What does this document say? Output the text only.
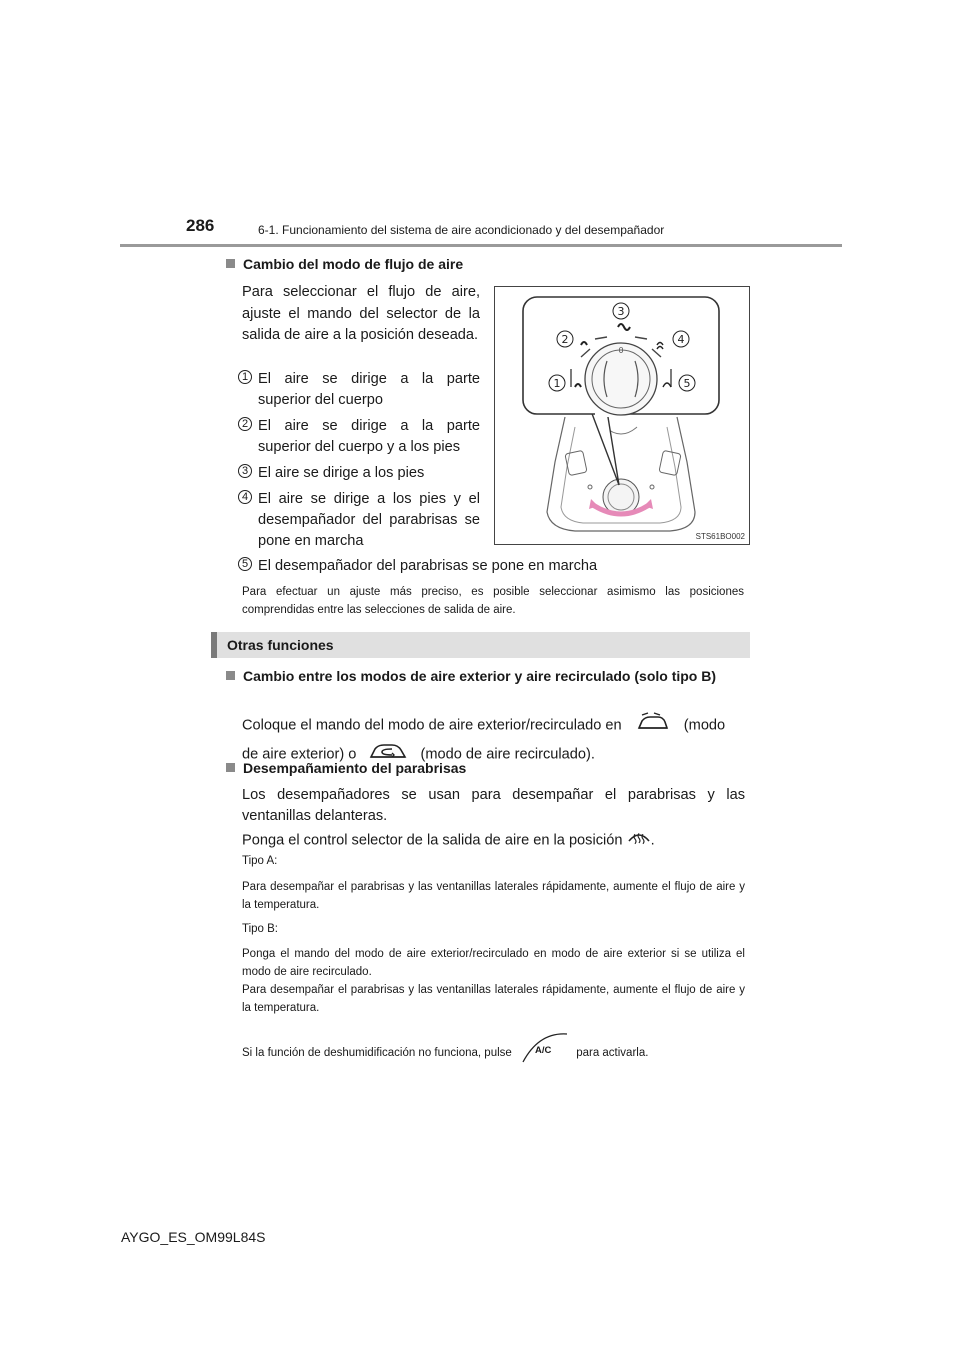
286	6-1. Funcionamiento del sistema de aire acondicionado y del desempañador
Cambio del modo de flujo de aire
Para seleccionar el flujo de aire, ajuste el mando del selector de la salida de aire a la posición deseada.
1 El aire se dirige a la parte superior del cuerpo
2 El aire se dirige a la parte superior del cuerpo y a los pies
3 El aire se dirige a los pies
4 El aire se dirige a los pies y el desempañador del parabrisas se pone en marcha
5 El desempañador del parabrisas se pone en marcha
Para efectuar un ajuste más preciso, es posible seleccionar asimismo las posiciones comprendidas entre las selecciones de salida de aire.
0
3
2	4
1	5
STS61BO002
Otras funciones
Cambio entre los modos de aire exterior y aire recirculado (solo tipo B)
Coloque el mando del modo de aire exterior/recirculado en	(modo
de aire exterior) o	(modo de aire recirculado).
Desempañamiento del parabrisas
Los desempañadores se usan para desempañar el parabrisas y las ventanillas delanteras.
Ponga el control selector de la salida de aire en la posición .
Tipo A:
Para desempañar el parabrisas y las ventanillas laterales rápidamente, aumente el flujo de aire y la temperatura.
Tipo B:
Ponga el mando del modo de aire exterior/recirculado en modo de aire exterior si se utiliza el modo de aire recirculado.
Para desempañar el parabrisas y las ventanillas laterales rápidamente, aumente el flujo de aire y la temperatura.
Si la función de deshumidificación no funciona, pulse A/C para activarla.
AYGO_ES_OM99L84S
